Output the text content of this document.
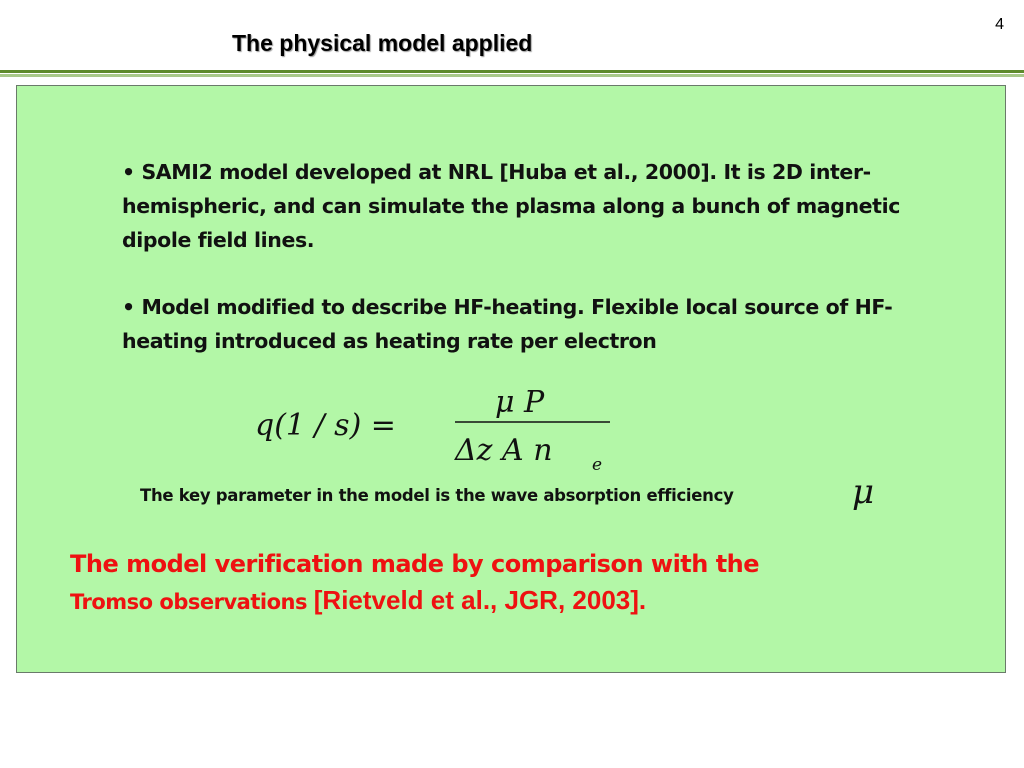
4
The physical model applied
• SAMI2 model developed at NRL [Huba et al., 2000]. It is 2D inter-hemispheric, and can simulate the plasma along a bunch of magnetic dipole field lines.
• Model modified to describe HF-heating. Flexible local source of HF-heating introduced as heating rate per electron
q(1 / s) =
μ P
Δz A n e
The key parameter in the model is the wave absorption efficiency	μ
The model verification made by comparison with the
Tromso observations [Rietveld et al., JGR, 2003].
